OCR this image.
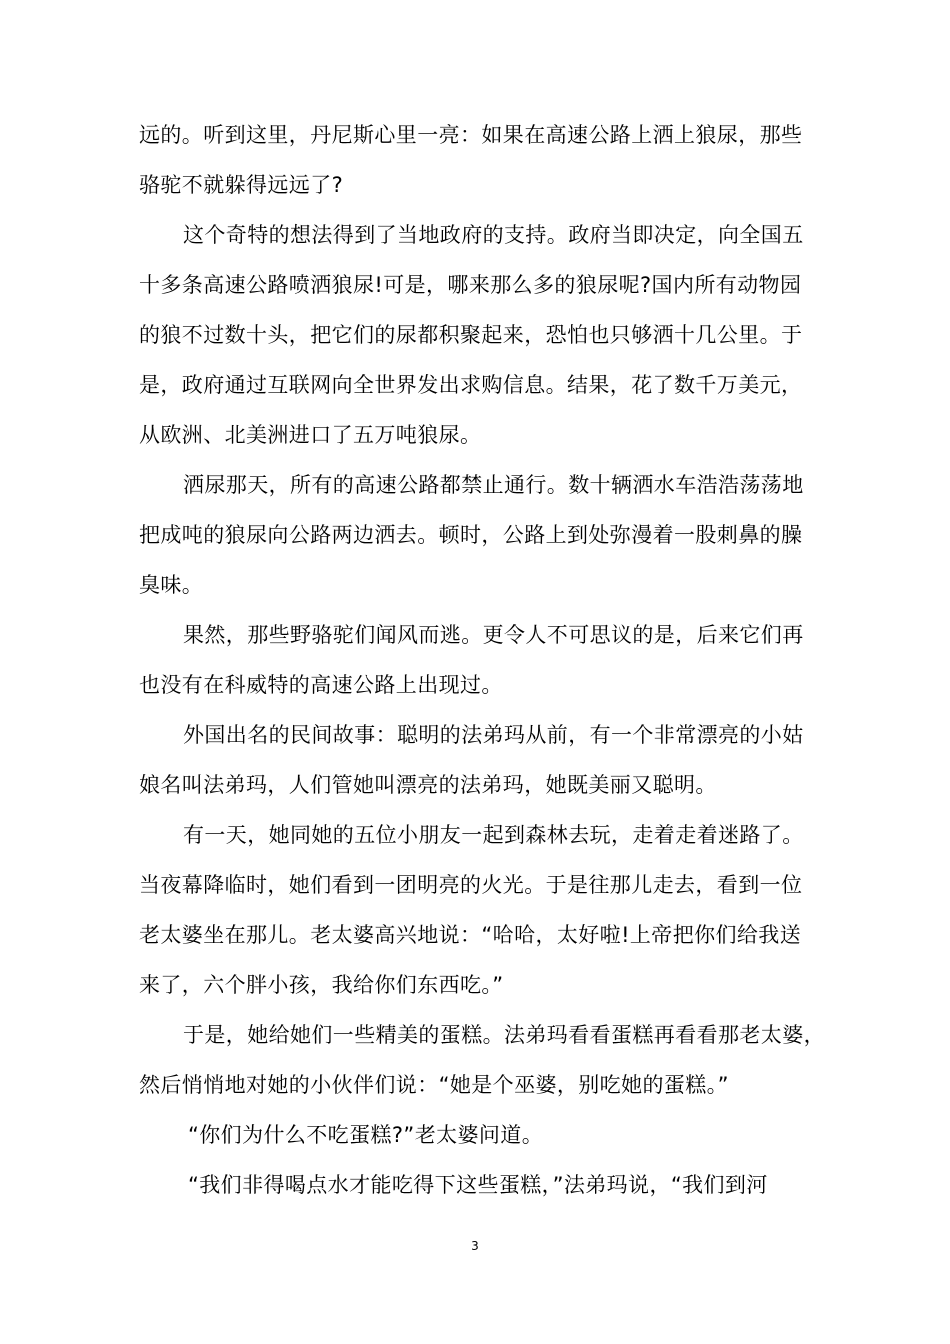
远的。听到这里，丹尼斯心里一亮：如果在高速公路上洒上狼尿，那些
骆驼不就躲得远远了?
这个奇特的想法得到了当地政府的支持。政府当即决定，向全国五
十多条高速公路喷洒狼尿!可是，哪来那么多的狼尿呢?国内所有动物园
的狼不过数十头，把它们的尿都积聚起来，恐怕也只够洒十几公里。于
是，政府通过互联网向全世界发出求购信息。结果，花了数千万美元，
从欧洲、北美洲进口了五万吨狼尿。
洒尿那天，所有的高速公路都禁止通行。数十辆洒水车浩浩荡荡地
把成吨的狼尿向公路两边洒去。顿时，公路上到处弥漫着一股刺鼻的臊
臭味。
果然，那些野骆驼们闻风而逃。更令人不可思议的是，后来它们再
也没有在科威特的高速公路上出现过。
外国出名的民间故事：聪明的法弟玛从前，有一个非常漂亮的小姑
娘名叫法弟玛，人们管她叫漂亮的法弟玛，她既美丽又聪明。
有一天，她同她的五位小朋友一起到森林去玩，走着走着迷路了。
当夜幕降临时，她们看到一团明亮的火光。于是往那儿走去，看到一位
老太婆坐在那儿。老太婆高兴地说：“哈哈，太好啦!上帝把你们给我送
来了，六个胖小孩，我给你们东西吃。”
于是，她给她们一些精美的蛋糕。法弟玛看看蛋糕再看看那老太婆，
然后悄悄地对她的小伙伴们说：“她是个巫婆，别吃她的蛋糕。”
“你们为什么不吃蛋糕?”老太婆问道。
“我们非得喝点水才能吃得下这些蛋糕，”法弟玛说，“我们到河
3
